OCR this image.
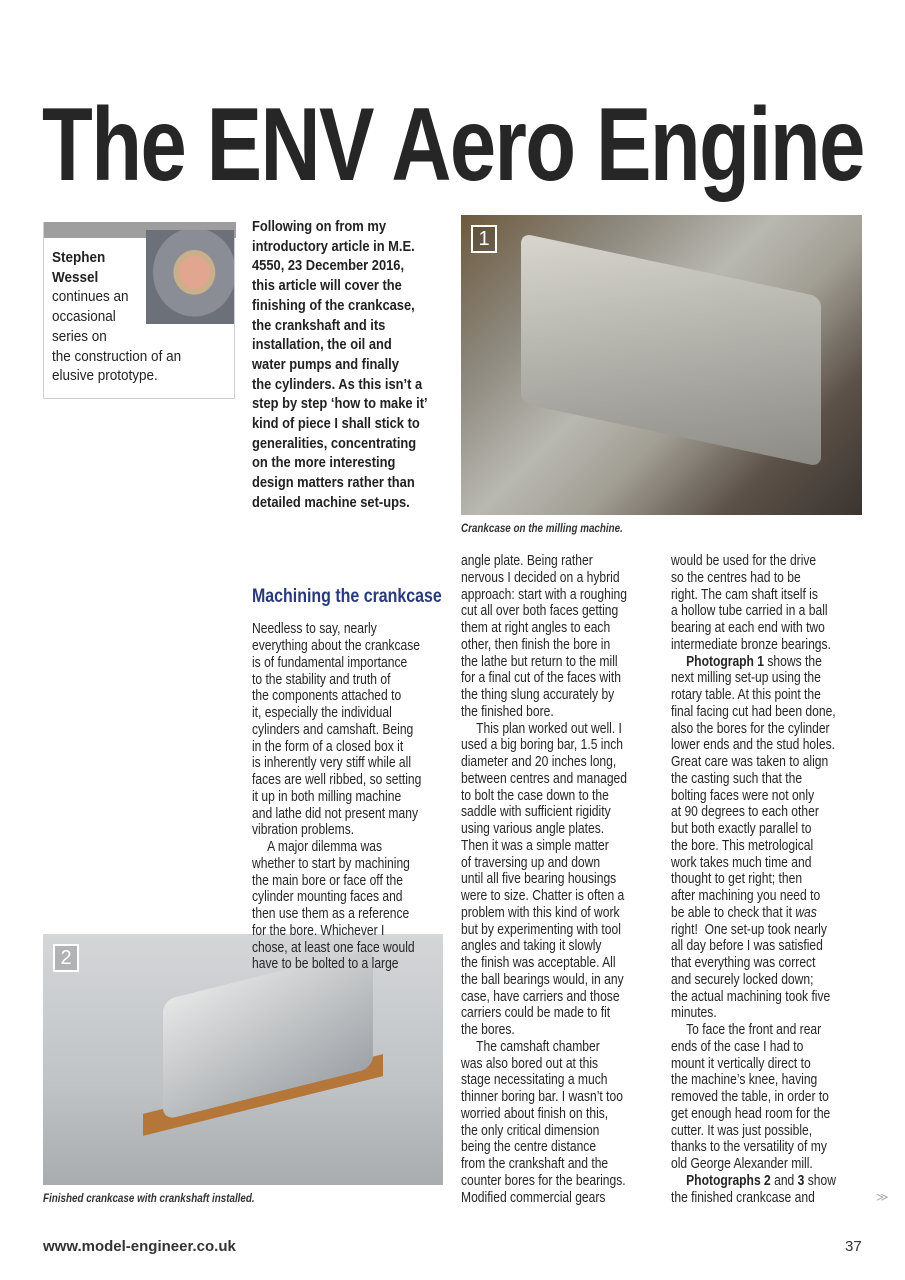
The ENV Aero Engine
Stephen
Wessel
continues an
occasional
series on
the construction of an
elusive prototype.
Following on from my
introductory article in M.E.
4550, 23 December 2016,
this article will cover the
finishing of the crankcase,
the crankshaft and its
installation, the oil and
water pumps and finally
the cylinders. As this isn’t a
step by step ‘how to make it’
kind of piece I shall stick to
generalities, concentrating
on the more interesting
design matters rather than
detailed machine set-ups.
1
Crankcase on the milling machine.
2
Finished crankcase with crankshaft installed.

Machining the crankcase

Needless to say, nearly
everything about the crankcase
is of fundamental importance
to the stability and truth of
the components attached to
it, especially the individual
cylinders and camshaft. Being
in the form of a closed box it
is inherently very stiff while all
faces are well ribbed, so setting
it up in both milling machine
and lathe did not present many
vibration problems.

A major dilemma was
whether to start by machining
the main bore or face off the
cylinder mounting faces and
then use them as a reference
for the bore. Whichever I
chose, at least one face would
have to be bolted to a large

angle plate. Being rather
nervous I decided on a hybrid
approach: start with a roughing
cut all over both faces getting
them at right angles to each
other, then finish the bore in
the lathe but return to the mill
for a final cut of the faces with
the thing slung accurately by
the finished bore.

This plan worked out well. I
used a big boring bar, 1.5 inch
diameter and 20 inches long,
between centres and managed
to bolt the case down to the
saddle with sufficient rigidity
using various angle plates.
Then it was a simple matter
of traversing up and down
until all five bearing housings
were to size. Chatter is often a
problem with this kind of work
but by experimenting with tool
angles and taking it slowly
the finish was acceptable. All
the ball bearings would, in any
case, have carriers and those
carriers could be made to fit
the bores.

The camshaft chamber
was also bored out at this
stage necessitating a much
thinner boring bar. I wasn’t too
worried about finish on this,
the only critical dimension
being the centre distance
from the crankshaft and the
counter bores for the bearings.
Modified commercial gears

would be used for the drive
so the centres had to be
right. The cam shaft itself is
a hollow tube carried in a ball
bearing at each end with two
intermediate bronze bearings.

Photograph 1 shows the
next milling set-up using the
rotary table. At this point the
final facing cut had been done,
also the bores for the cylinder
lower ends and the stud holes.
Great care was taken to align
the casting such that the
bolting faces were not only
at 90 degrees to each other
but both exactly parallel to
the bore. This metrological
work takes much time and
thought to get right; then
after machining you need to
be able to check that it was
right!  One set-up took nearly
all day before I was satisfied
that everything was correct
and securely locked down;
the actual machining took five
minutes.

To face the front and rear
ends of the case I had to
mount it vertically direct to
the machine’s knee, having
removed the table, in order to
get enough head room for the
cutter. It was just possible,
thanks to the versatility of my
old George Alexander mill.

Photographs 2 and 3 show
the finished crankcase and	≫
www.model-engineer.co.uk	37
